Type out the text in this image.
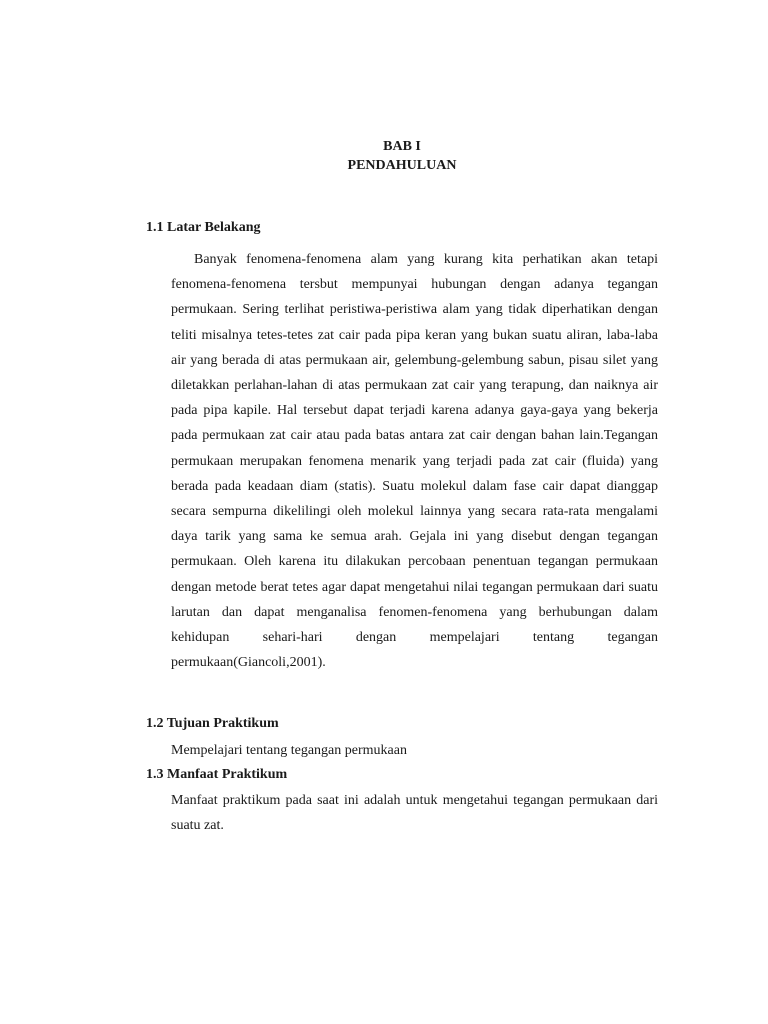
BAB I
PENDAHULUAN
1.1 Latar Belakang

Banyak fenomena-fenomena alam yang kurang kita perhatikan akan tetapi fenomena-fenomena tersbut mempunyai hubungan dengan adanya tegangan permukaan. Sering terlihat peristiwa-peristiwa alam yang tidak diperhatikan dengan teliti misalnya tetes-tetes zat cair pada pipa keran yang bukan suatu aliran, laba-laba air yang berada di atas permukaan air, gelembung-gelembung sabun, pisau silet yang diletakkan perlahan-lahan di atas permukaan zat cair yang terapung, dan naiknya air pada pipa kapile. Hal tersebut dapat terjadi karena adanya gaya-gaya yang bekerja pada permukaan zat cair atau pada batas antara zat cair dengan bahan lain.Tegangan permukaan merupakan fenomena menarik yang terjadi pada zat cair (fluida) yang berada pada keadaan diam (statis). Suatu molekul dalam fase cair dapat dianggap secara sempurna dikelilingi oleh molekul lainnya yang secara rata-rata mengalami daya tarik yang sama ke semua arah. Gejala ini yang disebut dengan tegangan permukaan. Oleh karena itu dilakukan percobaan penentuan tegangan permukaan dengan metode berat tetes agar dapat mengetahui nilai tegangan permukaan dari suatu larutan dan dapat menganalisa fenomen-fenomena yang berhubungan dalam kehidupan sehari-hari dengan mempelajari tentang tegangan permukaan(Giancoli,2001).

1.2 Tujuan Praktikum

Mempelajari tentang tegangan permukaan

1.3 Manfaat Praktikum

Manfaat praktikum pada saat ini adalah untuk mengetahui tegangan permukaan dari suatu zat.
